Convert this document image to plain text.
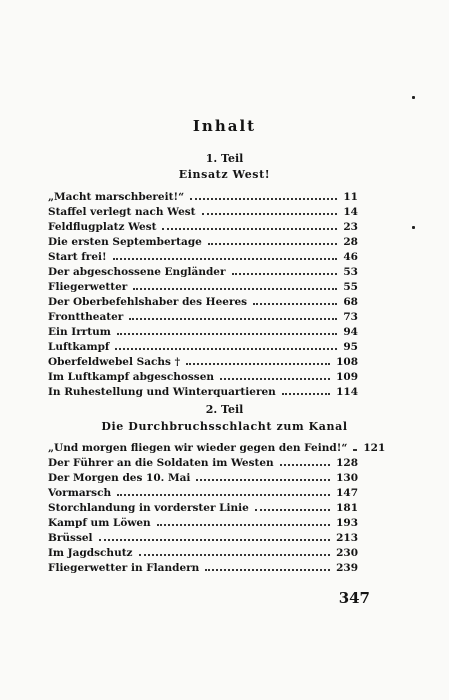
Inhalt
1. Teil
Einsatz West!
2. Teil
Die Durchbruchsschlacht zum Kanal
„Macht marschbereit!“	11
Staffel verlegt nach West	14
Feldflugplatz West	23
Die ersten Septembertage	28
Start frei!	46
Der abgeschossene Engländer	53
Fliegerwetter	55
Der Oberbefehlshaber des Heeres	68
Fronttheater	73
Ein Irrtum	94
Luftkampf	95
Oberfeldwebel Sachs †	108
Im Luftkampf abgeschossen	109
In Ruhestellung und Winterquartieren	114
„Und morgen fliegen wir wieder gegen den Feind!“ 121
Der Führer an die Soldaten im Westen	128
Der Morgen des 10. Mai	130
Vormarsch	147
Storchlandung in vorderster Linie	181
Kampf um Löwen	193
Brüssel	213
Im Jagdschutz	230
Fliegerwetter in Flandern	239
347
